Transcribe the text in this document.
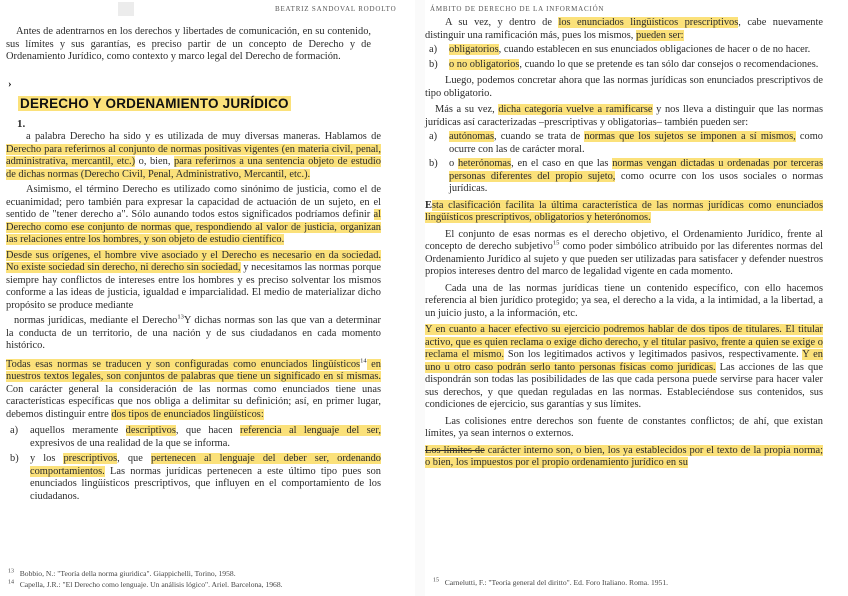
BEATRIZ SANDOVAL RODOLTO

Antes de adentrarnos en los derechos y libertades de comunicación, en su contenido, sus límites y sus garantías, es preciso partir de un concepto de Derecho y de Ordenamiento Jurídico, como contexto y marco legal del Derecho de formación.

›
DERECHO Y ORDENAMIENTO JURÍDICO
1.

a palabra Derecho ha sido y es utilizada de muy diversas maneras. Hablamos de Derecho para referirnos al conjunto de normas positivas vigentes (en materia civil, penal, administrativa, mercantil, etc.) o, bien, para referirnos a una sentencia objeto de estudio de dichas normas (Derecho Civil, Penal, Administrativo, Mercantil, etc.).

Asimismo, el término Derecho es utilizado como sinónimo de justicia, como el de ecuanimidad; pero también para expresar la capacidad de actuación de un sujeto, en el sentido de "tener derecho a". Sólo aunando todos estos significados podríamos definir al Derecho como ese conjunto de normas que, respondiendo al valor de justicia, organizan las relaciones entre los hombres, y son objeto de estudio científico.

Desde sus orígenes, el hombre vive asociado y el Derecho es necesario en da sociedad. No existe sociedad sin derecho, ni derecho sin sociedad, y necesitamos las normas porque siempre hay conflictos de intereses entre los hombres y es preciso solventar los mismos conforme a las ideas de justicia, igualdad e imparcialidad. El medio de materializar dicho propósito se produce mediante

normas jurídicas, mediante el Derecho$^{13}$Y dichas normas son las que van a determinar la conducta de un territorio, de una nación y de sus ciudadanos en cada momento histórico.

Todas esas normas se traducen y son configuradas como enunciados lingüísticos$^{14}$ en nuestros textos legales, son conjuntos de palabras que tiene un significado en sí mismas. Con carácter general la consideración de las normas como enunciados tiene unas características específicas que nos obliga a delimitar su definición; así, en primer lugar, debemos distinguir entre dos tipos de enunciados lingüísticos:

a) aquellos meramente descriptivos, que hacen referencia al lenguaje del ser, expresivos de una realidad de la que se informa.
b) y los prescriptivos, que pertenecen al lenguaje del deber ser, ordenando comportamientos. Las normas jurídicas pertenecen a este último tipo pues son enunciados lingüísticos prescriptivos, que influyen en el comportamiento de los ciudadanos.
$^{13}$ Bobbio, N.: "Teoría della norma giuridica". Giappichelli, Torino, 1958.
$^{14}$ Capella, J.R.: "El Derecho como lenguaje. Un análisis lógico". Ariel. Barcelona, 1968.
ÁMBITO DE DERECHO DE LA INFORMACIÓN

A su vez, y dentro de los enunciados lingüísticos prescriptivos, cabe nuevamente distinguir una ramificación más, pues los mismos, pueden ser:

a) obligatorios, cuando establecen en sus enunciados obligaciones de hacer o de no hacer.
b) o no obligatorios, cuando lo que se pretende es tan sólo dar consejos o recomendaciones.

Luego, podemos concretar ahora que las normas jurídicas son enunciados prescriptivos de tipo obligatorio.

Más a su vez, dicha categoría vuelve a ramificarse y nos lleva a distinguir que las normas jurídicas así caracterizadas –prescriptivas y obligatorias– también pueden ser:

a) autónomas, cuando se trata de normas que los sujetos se imponen a sí mismos, como ocurre con las de carácter moral.
b) o heterónomas, en el caso en que las normas vengan dictadas u ordenadas por terceras personas diferentes del propio sujeto, como ocurre con los usos sociales o normas jurídicas.

Esta clasificación facilita la última característica de las normas jurídicas como enunciados lingüísticos prescriptivos, obligatorios y heterónomos.

El conjunto de esas normas es el derecho objetivo, el Ordenamiento Jurídico, frente al concepto de derecho subjetivo$^{15}$ como poder simbólico atribuido por las diferentes normas del Ordenamiento Jurídico al sujeto y que pueden ser utilizadas para satisfacer y defender nuestros propios intereses dentro del marco de legalidad vigente en cada momento.

Cada una de las normas jurídicas tiene un contenido específico, con ello hacemos referencia al bien jurídico protegido; ya sea, el derecho a la vida, a la intimidad, a la libertad, a un juicio justo, a la información, etc.

Y en cuanto a hacer efectivo su ejercicio podremos hablar de dos tipos de titulares. El titular activo, que es quien reclama o exige dicho derecho, y el titular pasivo, frente a quien se exige o reclama el mismo. Son los legitimados activos y legitimados pasivos, respectivamente. Y en uno u otro caso podrán serlo tanto personas físicas como jurídicas. Las acciones de las que dispondrán son todas las posibilidades de las que cada persona puede servirse para hacer valer sus derechos, y que quedan reguladas en las normas. Estableciéndose sus contenidos, sus condiciones de ejercicio, sus garantías y sus límites.

Las colisiones entre derechos son fuente de constantes conflictos; de ahí, que existan límites, ya sean internos o externos.

Los límites de carácter interno son, o bien, los ya establecidos por el texto de la propia norma; o bien, los impuestos por el propio ordenamiento jurídico en su

$^{15}$ Carnelutti, F.: "Teoría general del diritto". Ed. Foro Italiano. Roma. 1951.
